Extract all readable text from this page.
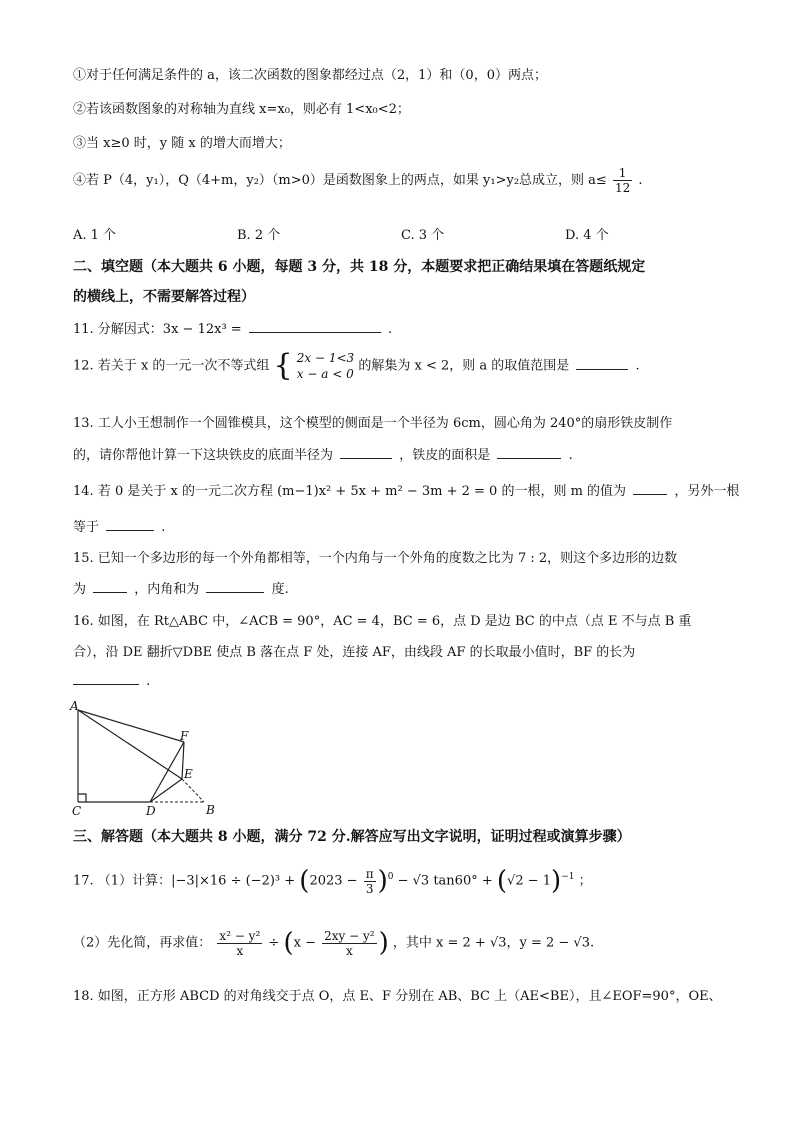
①对于任何满足条件的 a，该二次函数的图象都经过点（2，1）和（0，0）两点；
②若该函数图象的对称轴为直线 x=x₀，则必有 1<x₀<2；
③当 x≥0 时，y 随 x 的增大而增大；
④若 P（4，y₁），Q（4+m，y₂）（m>0）是函数图象上的两点，如果 y₁>y₂总成立，则 $a\le \frac{1}{12}$ .
A. 1 个	B. 2 个	C. 3 个	D. 4 个
二、填空题（本大题共 6 小题，每题 3 分，共 18 分，本题要求把正确结果填在答题纸规定
的横线上，不需要解答过程）
11. 分解因式：3x − 12x³ =	.
12. 若关于 x 的一元一次不等式组 { 2x − 1<3
x − a < 0
的解集为 x < 2，则 a 的取值范围是	.
13. 工人小王想制作一个圆锥模具，这个模型的侧面是一个半径为 6cm，圆心角为 240°的扇形铁皮制作
的，请你帮他计算一下这块铁皮的底面半径为	，铁皮的面积是	.
14. 若 0 是关于 x 的一元二次方程 (m−1)x² + 5x + m² − 3m + 2 = 0 的一根，则 m 的值为	，另外一根
等于	.
15. 已知一个多边形的每一个外角都相等，一个内角与一个外角的度数之比为 7 : 2，则这个多边形的边数
为	，内角和为	度.
16. 如图，在 Rt△ABC 中，∠ACB = 90°，AC = 4，BC = 6，点 D 是边 BC 的中点（点 E 不与点 B 重
合），沿 DE 翻折▽DBE 使点 B 落在点 F 处，连接 AF，由线段 AF 的长取最小值时，BF 的长为
.
A
B
C	D
E
F
三、解答题（本大题共 8 小题，满分 72 分.解答应写出文字说明，证明过程或演算步骤）
17. （1）计算：$|-3|\times 16 \div (-2)^3 + (2023 - \frac{\pi}{3} )^0 - √3$ $\tan 60^\circ + (√2 - 1)^{-1}$ ；
（2）先化简，再求值： $\frac{\text{x² − y²}}{x} \div (x - \frac{\text{2xy − y²}}{x}$ ) ，其中 x = 2 + √3，y = 2 − √3.
18. 如图，正方形 ABCD 的对角线交于点 O，点 E、F 分别在 AB、BC 上（AE<BE），且∠EOF=90°，OE、
